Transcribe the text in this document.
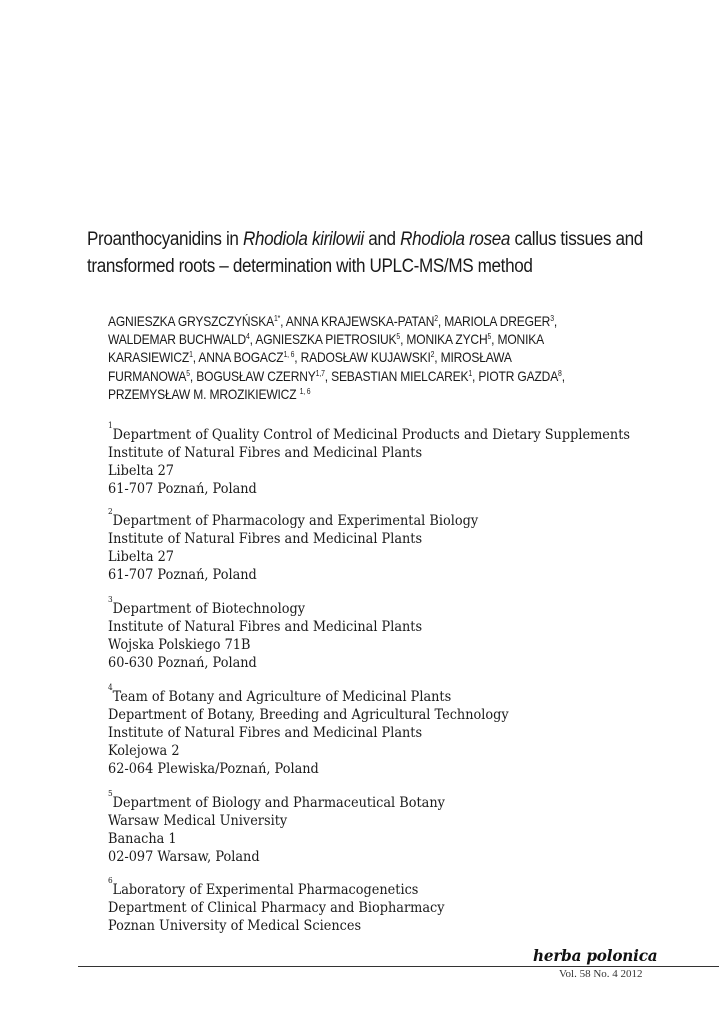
Proanthocyanidins in Rhodiola kirilowii and Rhodiola rosea callus tissues and
transformed roots – determination with UPLC-MS/MS method
AGNIESZKA $GRYSZCZYŃSKA^{1*}$, ANNA KRAJEWSKA-PATAN$^2$, MARIOLA DREGER$^3$,
WALDEMAR BUCHWALD$^4$, AGNIESZKA PIETROSIUK$^5$, MONIKA ZYCH$^5$, MONIKA
KARASIEWICZ$^1$, ANNA BOGACZ$^{1, 6}$, RADOSŁAW KUJAWSKI$^2$, MIROSŁAWA
FURMANOWA$^5$, BOGUSŁAW CZERNY$^{1,7}$, SEBASTIAN MIELCAREK$^1$, PIOTR GAZDA$^8$,
PRZEMYSŁAW M. MROZIKIEWICZ $^{1, 6}$
$^1$Department of Quality Control of Medicinal Products and Dietary Supplements
Institute of Natural Fibres and Medicinal Plants
Libelta 27
61-707 Poznań, Poland
$^2$Department of Pharmacology and Experimental Biology
Institute of Natural Fibres and Medicinal Plants
Libelta 27
61-707 Poznań, Poland
$^3$Department of Biotechnology
Institute of Natural Fibres and Medicinal Plants
Wojska Polskiego 71B
60-630 Poznań, Poland
$^4$Team of Botany and Agriculture of Medicinal Plants
Department of Botany, Breeding and Agricultural Technology
Institute of Natural Fibres and Medicinal Plants
Kolejowa 2
62-064 Plewiska/Poznań, Poland
$^5$Department of Biology and Pharmaceutical Botany
Warsaw Medical University
Banacha 1
02-097 Warsaw, Poland
$^6$Laboratory of Experimental Pharmacogenetics
Department of Clinical Pharmacy and Biopharmacy
Poznan University of Medical Sciences
herba polonica
Vol. 58 No. 4 2012
